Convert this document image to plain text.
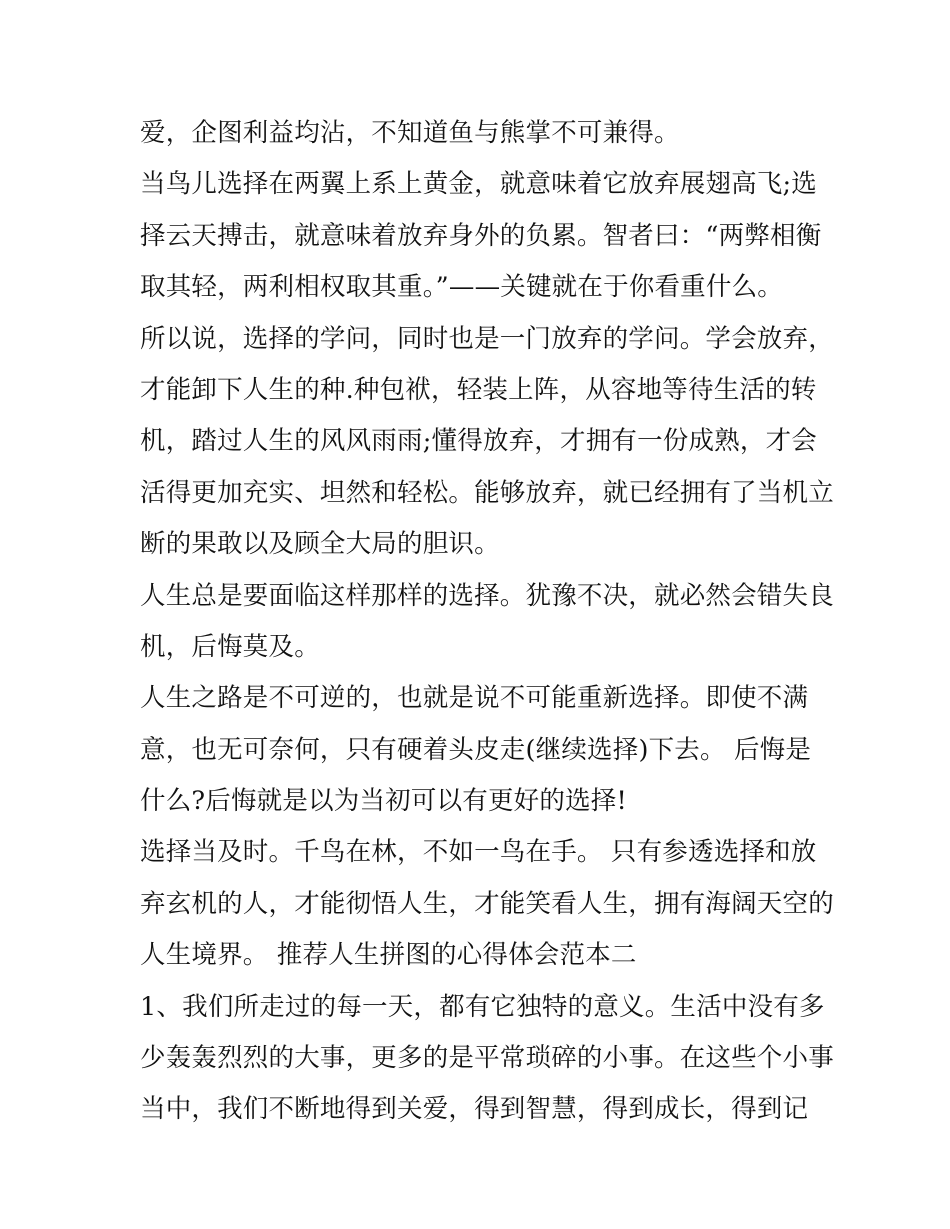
爱，企图利益均沾，不知道鱼与熊掌不可兼得。
当鸟儿选择在两翼上系上黄金，就意味着它放弃展翅高飞;选
择云天搏击，就意味着放弃身外的负累。智者曰：“两弊相衡
取其轻，两利相权取其重。”——关键就在于你看重什么。
所以说，选择的学问，同时也是一门放弃的学问。学会放弃，
才能卸下人生的种.种包袱，轻装上阵，从容地等待生活的转
机，踏过人生的风风雨雨;懂得放弃，才拥有一份成熟，才会
活得更加充实、坦然和轻松。能够放弃，就已经拥有了当机立
断的果敢以及顾全大局的胆识。
人生总是要面临这样那样的选择。犹豫不决，就必然会错失良
机，后悔莫及。
人生之路是不可逆的，也就是说不可能重新选择。即使不满
意，也无可奈何，只有硬着头皮走(继续选择)下去。 后悔是
什么?后悔就是以为当初可以有更好的选择!
选择当及时。千鸟在林，不如一鸟在手。 只有参透选择和放
弃玄机的人，才能彻悟人生，才能笑看人生，拥有海阔天空的
人生境界。 推荐人生拼图的心得体会范本二
1、我们所走过的每一天，都有它独特的意义。生活中没有多
少轰轰烈烈的大事，更多的是平常琐碎的小事。在这些个小事
当中，我们不断地得到关爱，得到智慧，得到成长，得到记
